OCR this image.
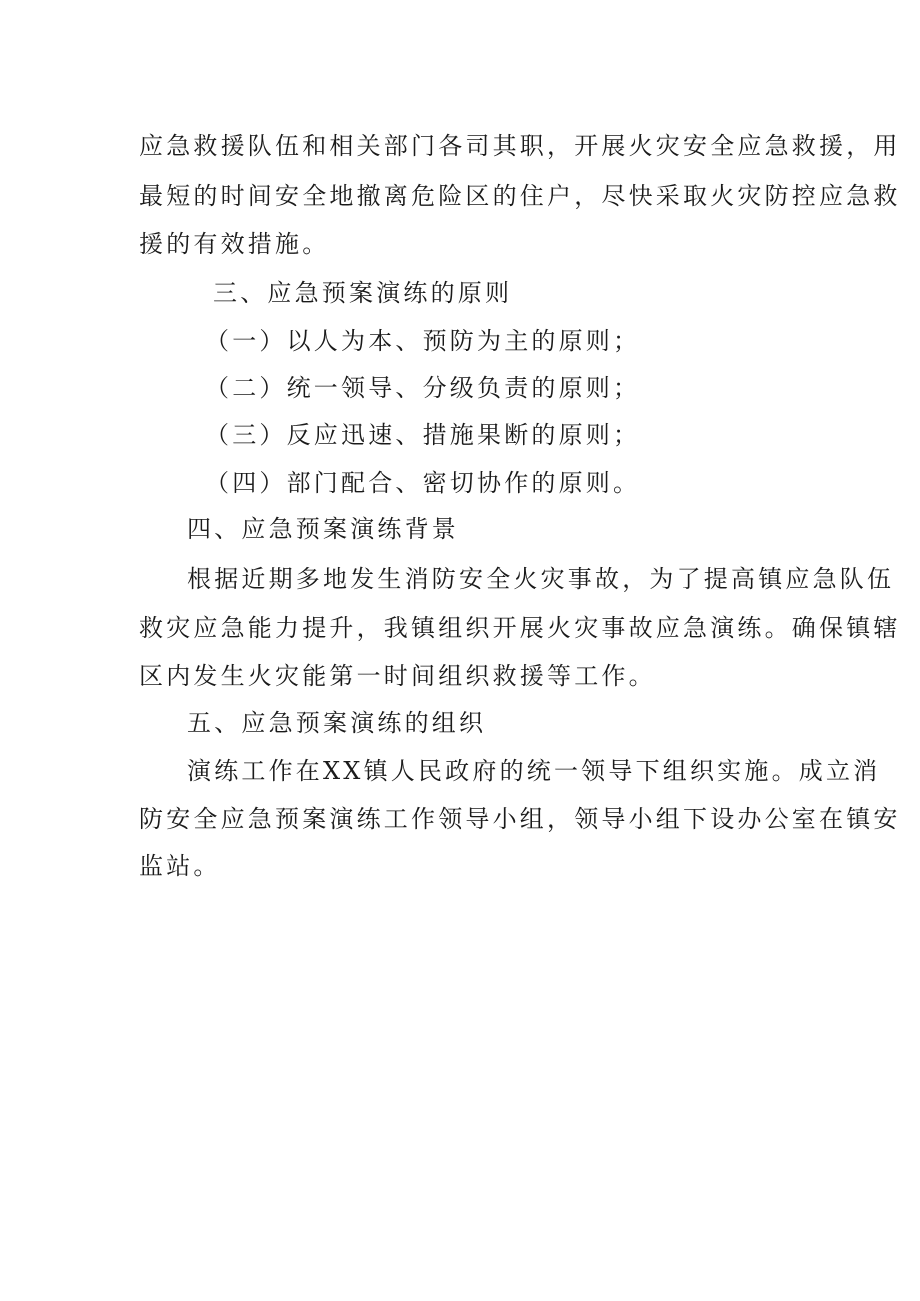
应急救援队伍和相关部门各司其职，开展火灾安全应急救援，用
最短的时间安全地撤离危险区的住户，尽快采取火灾防控应急救
援的有效措施。
三、应急预案演练的原则
（一）以人为本、预防为主的原则；
（二）统一领导、分级负责的原则；
（三）反应迅速、措施果断的原则；
（四）部门配合、密切协作的原则。
四、应急预案演练背景
根据近期多地发生消防安全火灾事故，为了提高镇应急队伍
救灾应急能力提升，我镇组织开展火灾事故应急演练。确保镇辖
区内发生火灾能第一时间组织救援等工作。
五、应急预案演练的组织
演练工作在XX镇人民政府的统一领导下组织实施。成立消
防安全应急预案演练工作领导小组，领导小组下设办公室在镇安
监站。
